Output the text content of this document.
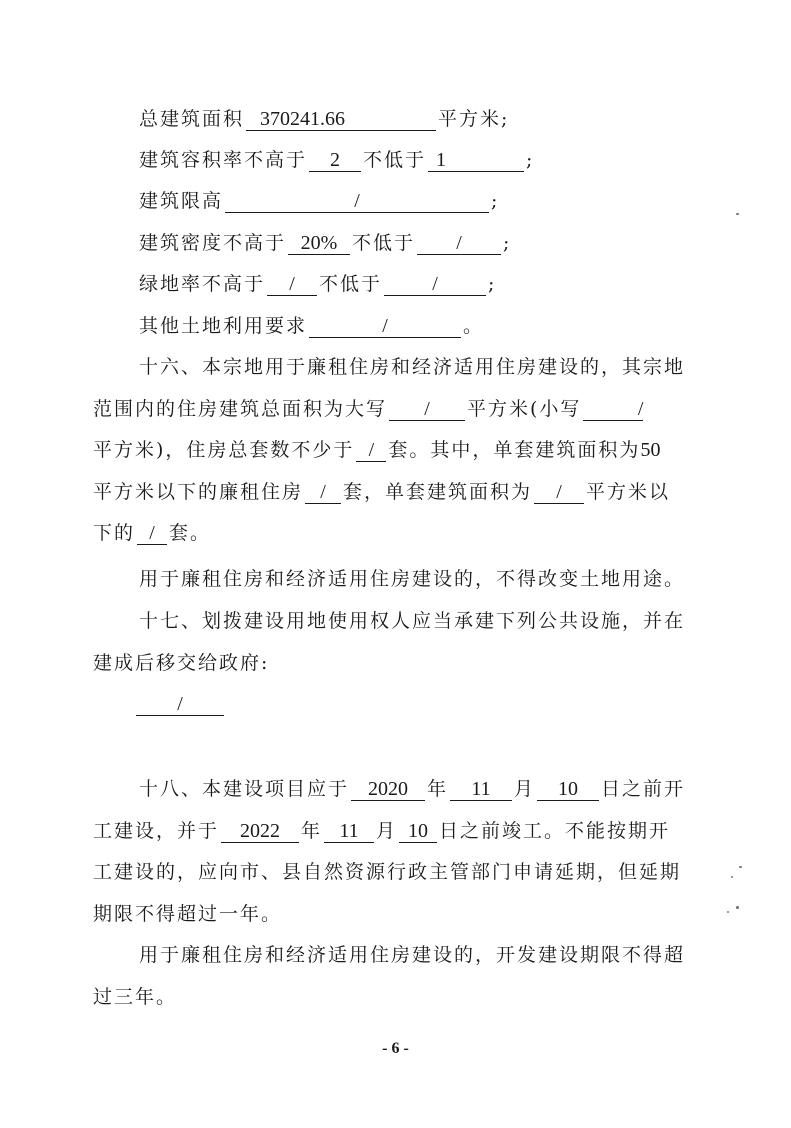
总建筑面积 370241.66	平方米;
建筑容积率不高于 2 不低于 1	;
建筑限高	/	;
建筑密度不高于 20% 不低于 / ;
绿地率不高于 / 不低于	/	;
其他土地利用要求	/	。
十六、本宗地用于廉租住房和经济适用住房建设的，其宗地
范围内的住房建筑总面积为大写 / 平方米(小写	/
平方米)，住房总套数不少于 / 套。其中，单套建筑面积为50
平方米以下的廉租住房 / 套，单套建筑面积为 / 平方米以
下的 / 套。
用于廉租住房和经济适用住房建设的，不得改变土地用途。
十七、划拨建设用地使用权人应当承建下列公共设施，并在
建成后移交给政府:
/
十八、本建设项目应于 2020 年 11 月 10 日之前开
工建设，并于 2022 年 11 月 10 日之前竣工。不能按期开
工建设的，应向市、县自然资源行政主管部门申请延期，但延期
期限不得超过一年。
用于廉租住房和经济适用住房建设的，开发建设期限不得超
过三年。
- 6 -
